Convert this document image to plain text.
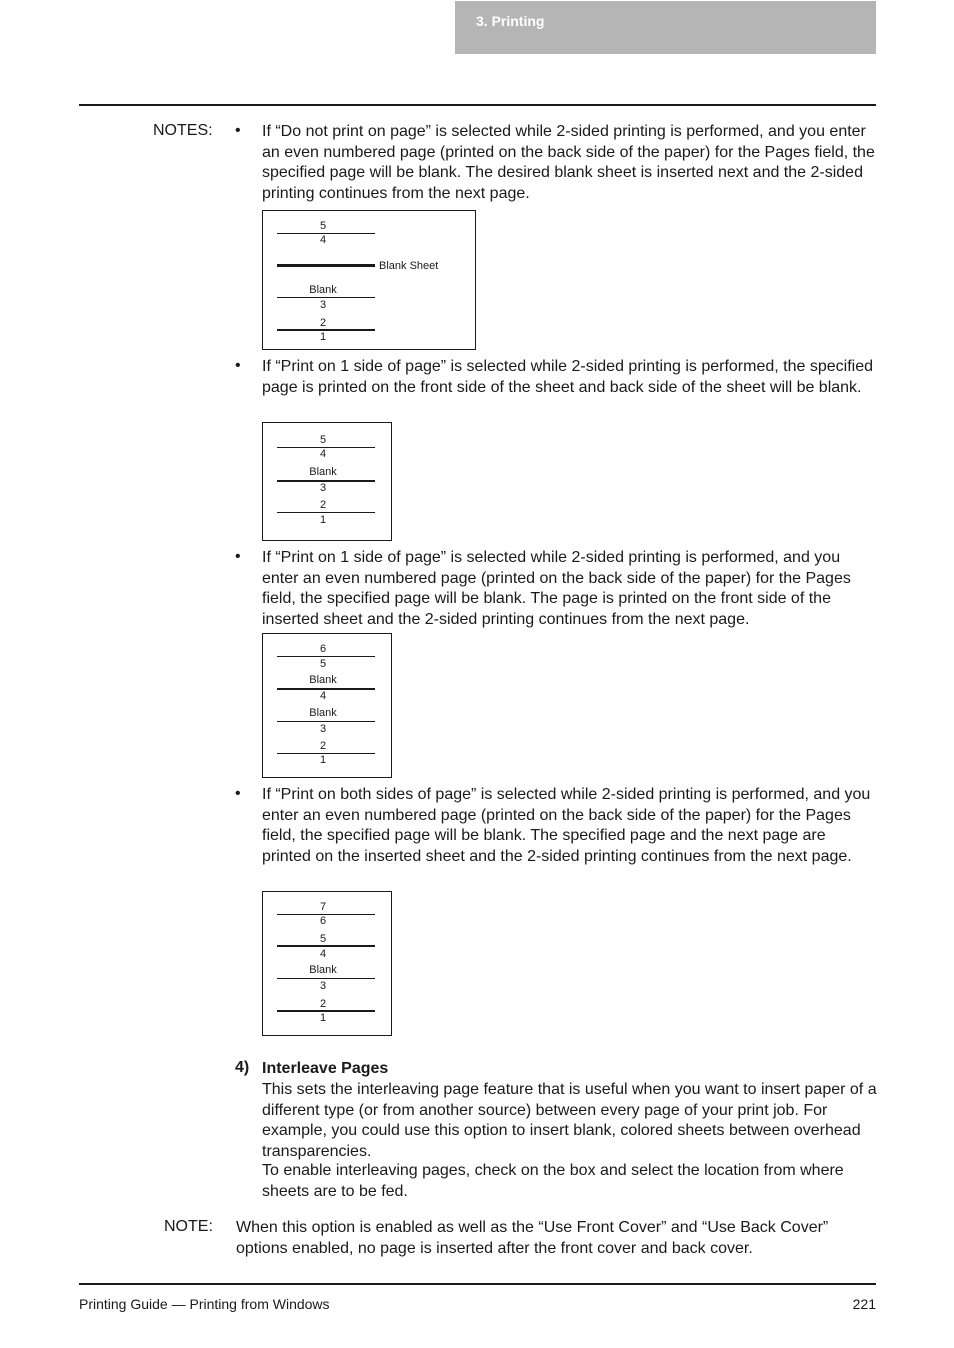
3. Printing
NOTES: • If “Do not print on page” is selected while 2-sided printing is performed, and you enter an even numbered page (printed on the back side of the paper) for the Pages field, the specified page will be blank. The desired blank sheet is inserted next and the 2-sided printing continues from the next page.
5
4
Blank Sheet
Blank
3
2
1
• If “Print on 1 side of page” is selected while 2-sided printing is performed, the specified page is printed on the front side of the sheet and back side of the sheet will be blank.
5
4
Blank
3
2
1
• If “Print on 1 side of page” is selected while 2-sided printing is performed, and you enter an even numbered page (printed on the back side of the paper) for the Pages field, the specified page will be blank. The page is printed on the front side of the inserted sheet and the 2-sided printing continues from the next page.
6
5
Blank
4
Blank
3
2
1
• If “Print on both sides of page” is selected while 2-sided printing is performed, and you enter an even numbered page (printed on the back side of the paper) for the Pages field, the specified page will be blank. The specified page and the next page are printed on the inserted sheet and the 2-sided printing continues from the next page.
7
6
5
4
Blank
3
2
1
4) Interleave Pages
This sets the interleaving page feature that is useful when you want to insert paper of a different type (or from another source) between every page of your print job. For example, you could use this option to insert blank, colored sheets between overhead transparencies.
To enable interleaving pages, check on the box and select the location from where sheets are to be fed.
NOTE: When this option is enabled as well as the “Use Front Cover” and “Use Back Cover” options enabled, no page is inserted after the front cover and back cover.
Printing Guide — Printing from Windows	221
